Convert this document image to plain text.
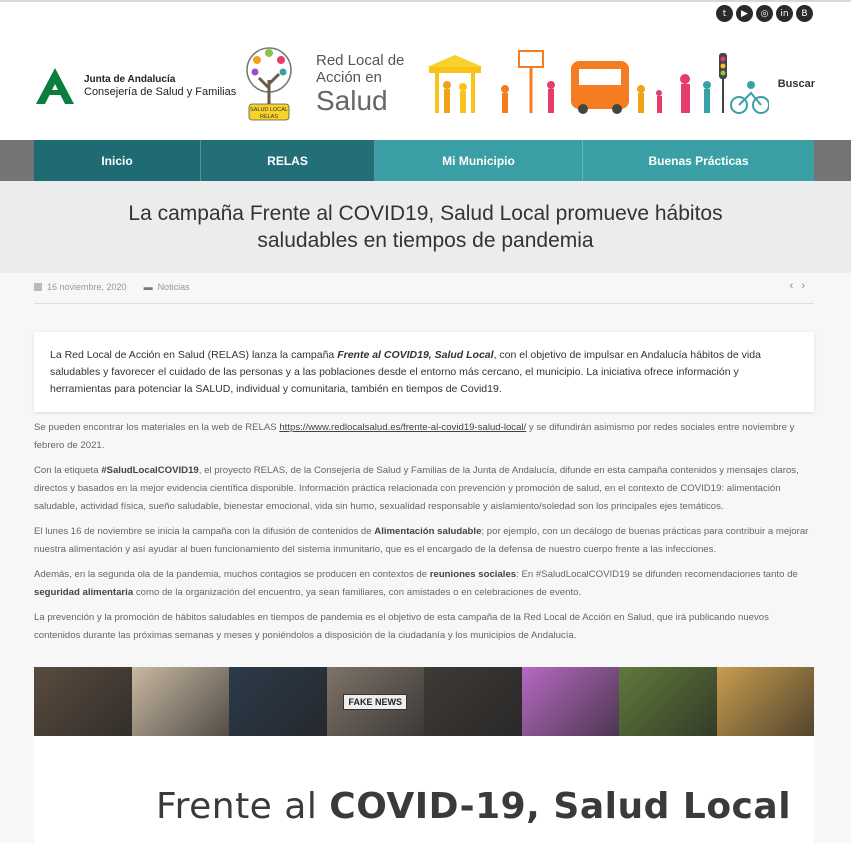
t	▶	◎	in	B
Junta de Andalucía
Consejería de Salud y Familias
SALUD LOCAL
RELAS
Red Local de
Acción en
Salud
Buscar
Inicio	RELAS	Mi Municipio	Buenas Prácticas
La campaña Frente al COVID19, Salud Local promueve hábitos saludables en tiempos de pandemia
16 noviembre, 2020 ▬ Noticias	‹›
La Red Local de Acción en Salud (RELAS) lanza la campaña Frente al COVID19, Salud Local, con el objetivo de impulsar en Andalucía hábitos de vida saludables y favorecer el cuidado de las personas y a las poblaciones desde el entorno más cercano, el municipio. La iniciativa ofrece información y herramientas para potenciar la SALUD, individual y comunitaria, también en tiempos de Covid19.

Se pueden encontrar los materiales en la web de RELAS https://www.redlocalsalud.es/frente-al-covid19-salud-local/ y se difundirán asimismo por redes sociales entre noviembre y febrero de 2021.

Con la etiqueta #SaludLocalCOVID19, el proyecto RELAS, de la Consejería de Salud y Familias de la Junta de Andalucía, difunde en esta campaña contenidos y mensajes claros, directos y basados en la mejor evidencia científica disponible. Información práctica relacionada con prevención y promoción de salud, en el contexto de COVID19: alimentación saludable, actividad física, sueño saludable, bienestar emocional, vida sin humo, sexualidad responsable y aislamiento/soledad son los principales ejes temáticos.

El lunes 16 de noviembre se inicia la campaña con la difusión de contenidos de Alimentación saludable; por ejemplo, con un decálogo de buenas prácticas para contribuir a mejorar nuestra alimentación y así ayudar al buen funcionamiento del sistema inmunitario, que es el encargado de la defensa de nuestro cuerpo frente a las infecciones.

Además, en la segunda ola de la pandemia, muchos contagios se producen en contextos de reuniones sociales: En #SaludLocalCOVID19 se difunden recomendaciones tanto de seguridad alimentaria como de la organización del encuentro, ya sean familiares, con amistades o en celebraciones de evento.

La prevención y la promoción de hábitos saludables en tiempos de pandemia es el objetivo de esta campaña de la Red Local de Acción en Salud, que irá publicando nuevos contenidos durante las próximas semanas y meses y poniéndolos a disposición de la ciudadanía y los municipios de Andalucía.

FAKE NEWS
Frente al COVID-19, Salud Local
